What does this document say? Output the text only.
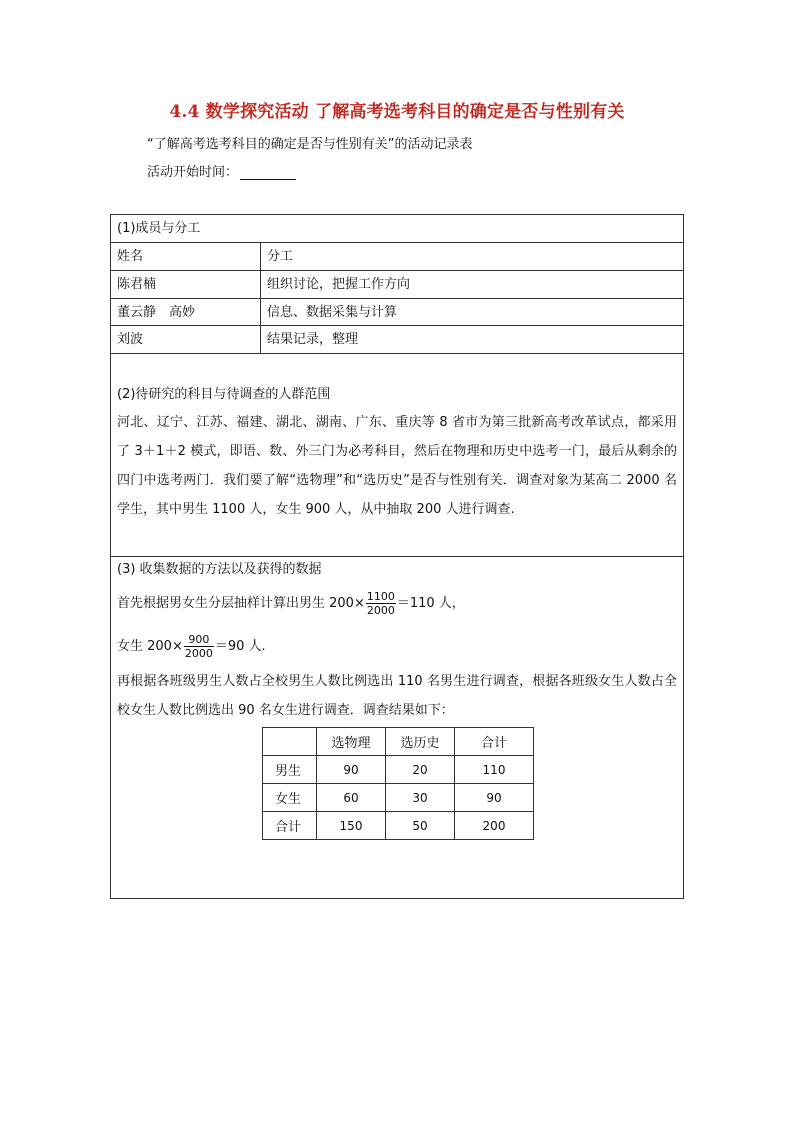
4.4 数学探究活动 了解高考选考科目的确定是否与性别有关
“了解高考选考科目的确定是否与性别有关”的活动记录表
活动开始时间：
(1)成员与分工
姓名	分工
陈君楠	组织讨论，把握工作方向
董云静　高妙	信息、数据采集与计算
刘波	结果记录，整理
(2)待研究的科目与待调查的人群范围
河北、辽宁、江苏、福建、湖北、湖南、广东、重庆等 8 省市为第三批新高考改革试点，都采用了 3＋1＋2 模式，即语、数、外三门为必考科目，然后在物理和历史中选考一门，最后从剩余的四门中选考两门．我们要了解“选物理”和“选历史”是否与性别有关．调查对象为某高二 2000 名学生，其中男生 1100 人，女生 900 人，从中抽取 200 人进行调查.
(3) 收集数据的方法以及获得的数据
首先根据男女生分层抽样计算出男生 $200\times \frac{1100}{2000} =110$ 人，
女生 $200\times \frac{900}{2000} =90$ 人.
再根据各班级男生人数占全校男生人数比例选出 110 名男生进行调查，根据各班级女生人数占全校女生人数比例选出 90 名女生进行调查．调查结果如下：
	选物理	选历史	合计
男生	90	20	110
女生	60	30	90
合计	150	50	200
